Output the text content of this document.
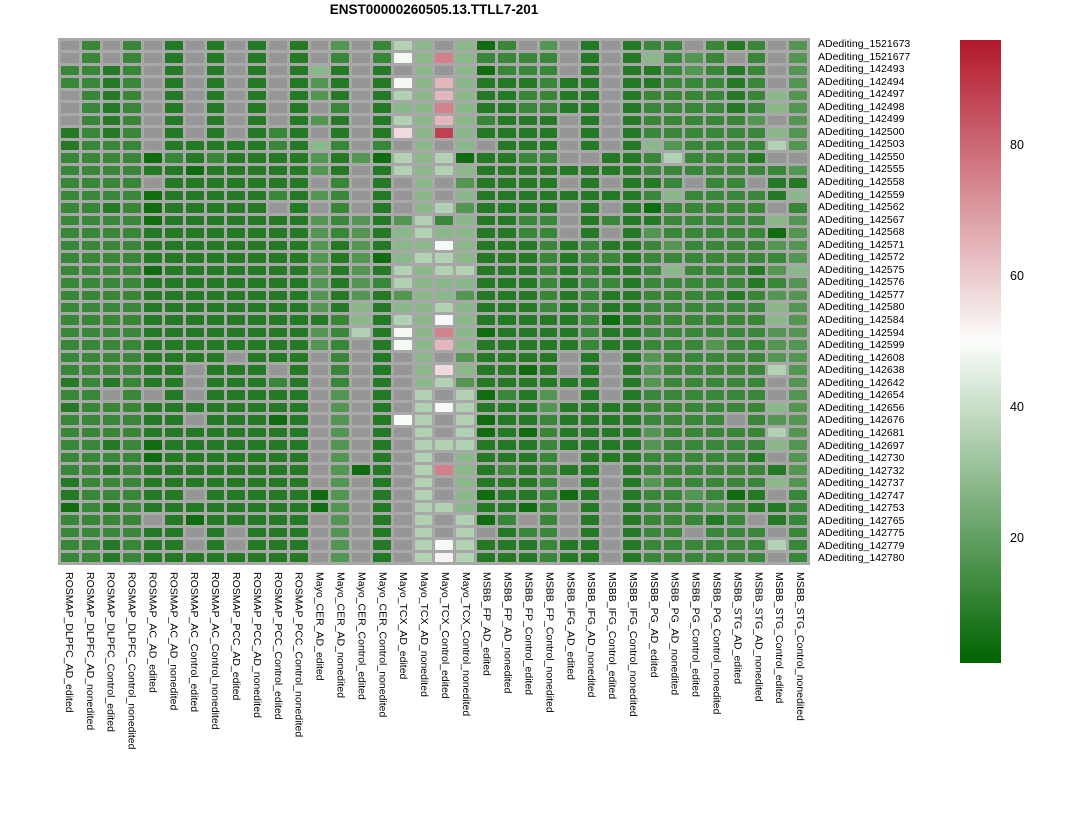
ENST00000260505.13.TTLL7-201
ADediting_1521673
ADediting_1521677
ADediting_142493
ADediting_142494
ADediting_142497
ADediting_142498
ADediting_142499
ADediting_142500
ADediting_142503
ADediting_142550
ADediting_142555
ADediting_142558
ADediting_142559
ADediting_142562
ADediting_142567
ADediting_142568
ADediting_142571
ADediting_142572
ADediting_142575
ADediting_142576
ADediting_142577
ADediting_142580
ADediting_142584
ADediting_142594
ADediting_142599
ADediting_142608
ADediting_142638
ADediting_142642
ADediting_142654
ADediting_142656
ADediting_142676
ADediting_142681
ADediting_142697
ADediting_142730
ADediting_142732
ADediting_142737
ADediting_142747
ADediting_142753
ADediting_142765
ADediting_142775
ADediting_142779
ADediting_142780
ROSMAP_DLPFC_AD_edited ROSMAP_DLPFC_AD_nonedited ROSMAP_DLPFC_Control_edited ROSMAP_DLPFC_Control_nonedited ROSMAP_AC_AD_edited ROSMAP_AC_AD_nonedited ROSMAP_AC_Control_edited ROSMAP_AC_Control_nonedited ROSMAP_PCC_AD_edited ROSMAP_PCC_AD_nonedited ROSMAP_PCC_Control_edited ROSMAP_PCC_Control_nonedited Mayo_CER_AD_edited Mayo_CER_AD_nonedited Mayo_CER_Control_edited Mayo_CER_Control_nonedited Mayo_TCX_AD_edited Mayo_TCX_AD_nonedited Mayo_TCX_Control_edited Mayo_TCX_Control_nonedited MSBB_FP_AD_edited MSBB_FP_AD_nonedited MSBB_FP_Control_edited MSBB_FP_Control_nonedited MSBB_IFG_AD_edited MSBB_IFG_AD_nonedited MSBB_IFG_Control_edited MSBB_IFG_Control_nonedited MSBB_PG_AD_edited MSBB_PG_AD_nonedited MSBB_PG_Control_edited MSBB_PG_Control_nonedited MSBB_STG_AD_edited MSBB_STG_AD_nonedited MSBB_STG_Control_edited MSBB_STG_Control_nonedited
80
60
40
20
